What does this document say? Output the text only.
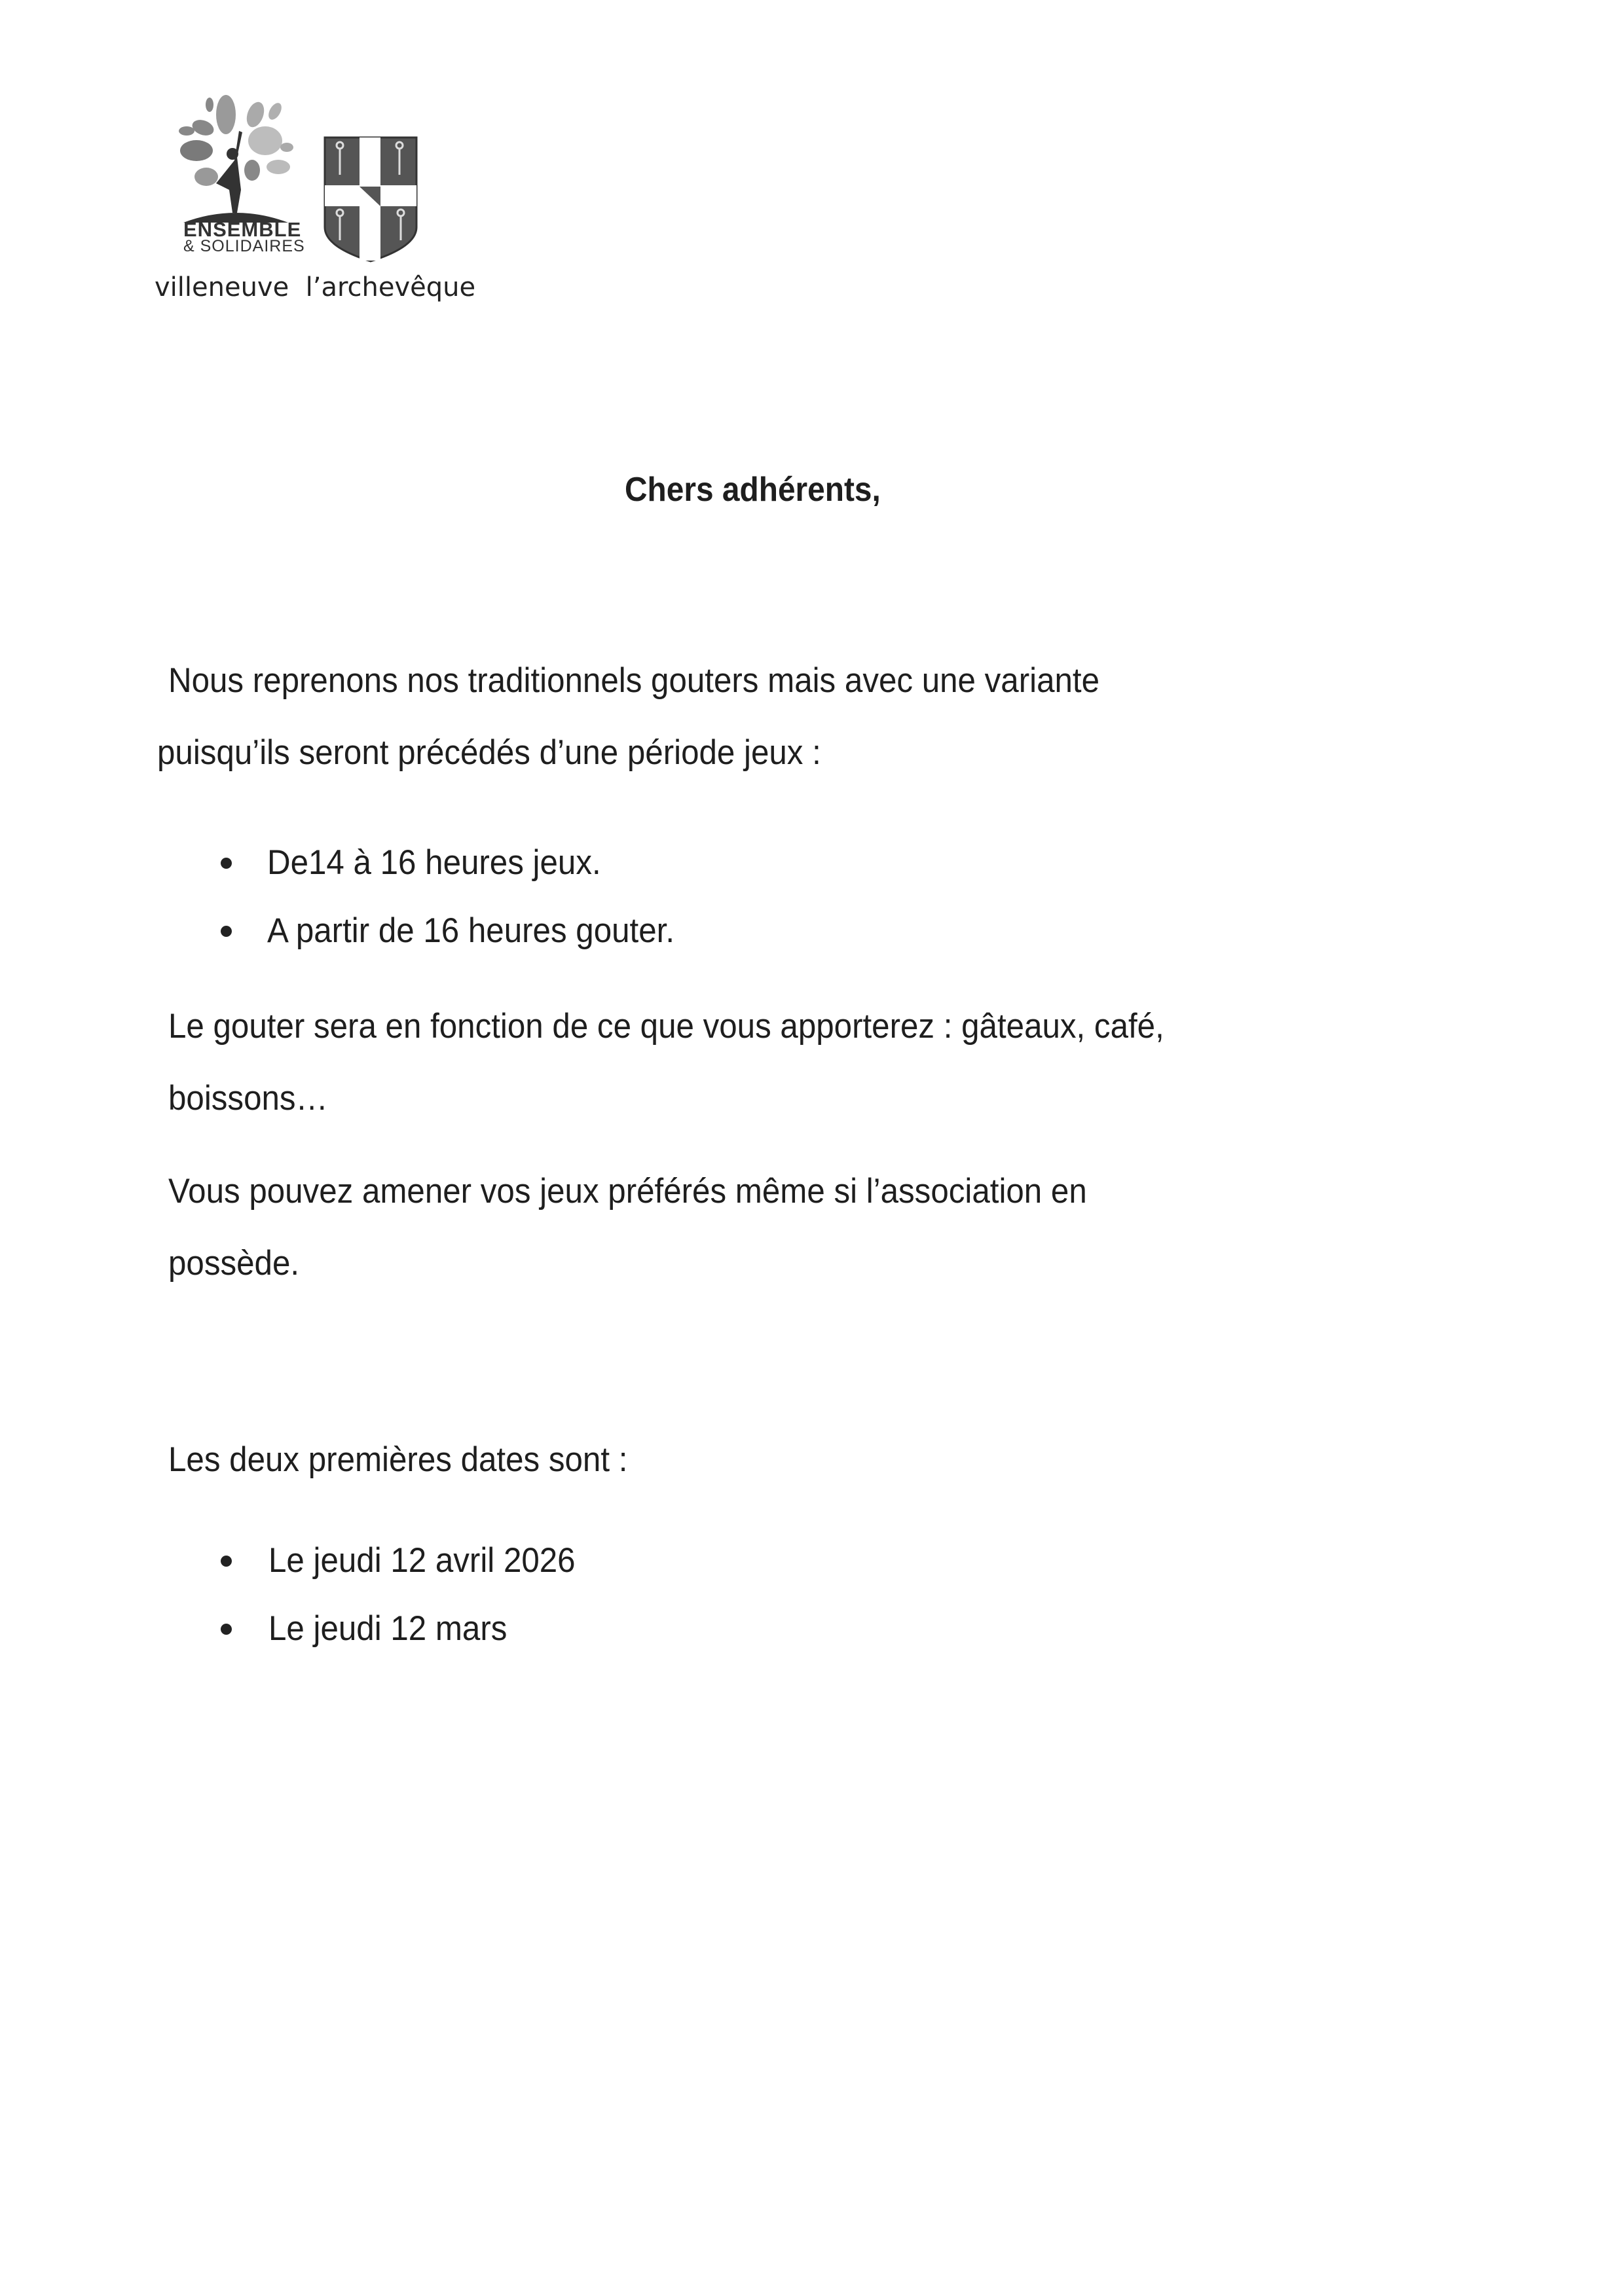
ENSEMBLE
& SOLIDAIRES
villeneuve  l’archevêque
Chers adhérents,
Nous reprenons nos traditionnels gouters mais avec une variante
puisqu’ils seront précédés d’une période jeux :
De14 à 16 heures jeux.
A partir de 16 heures gouter.
Le gouter sera en fonction de ce que vous apporterez : gâteaux, café,
boissons…
Vous pouvez amener vos jeux préférés même si l’association en
possède.
Les deux premières dates sont :
Le jeudi 12 avril 2026
Le jeudi 12 mars
